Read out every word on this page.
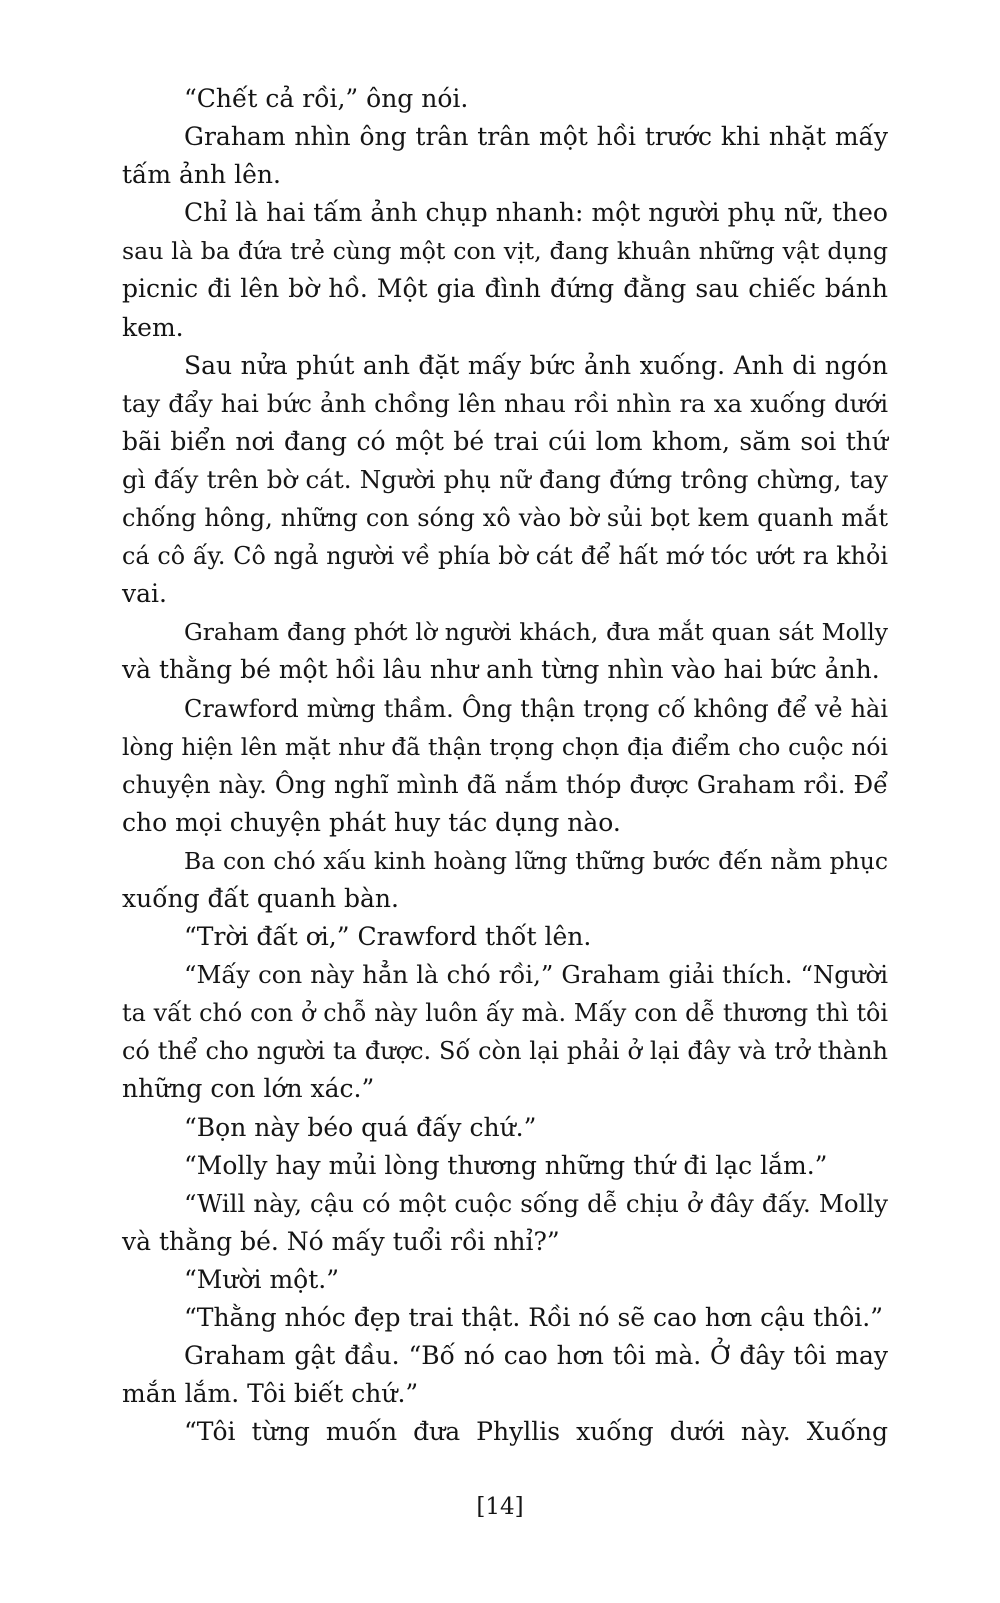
“Chết cả rồi,” ông nói.
Graham nhìn ông trân trân một hồi trước khi nhặt mấy
tấm ảnh lên.
Chỉ là hai tấm ảnh chụp nhanh: một người phụ nữ, theo
sau là ba đứa trẻ cùng một con vịt, đang khuân những vật dụng
picnic đi lên bờ hồ. Một gia đình đứng đằng sau chiếc bánh
kem.
Sau nửa phút anh đặt mấy bức ảnh xuống. Anh di ngón
tay đẩy hai bức ảnh chồng lên nhau rồi nhìn ra xa xuống dưới
bãi biển nơi đang có một bé trai cúi lom khom, săm soi thứ
gì đấy trên bờ cát. Người phụ nữ đang đứng trông chừng, tay
chống hông, những con sóng xô vào bờ sủi bọt kem quanh mắt
cá cô ấy. Cô ngả người về phía bờ cát để hất mớ tóc ướt ra khỏi
vai.
Graham đang phớt lờ người khách, đưa mắt quan sát Molly
và thằng bé một hồi lâu như anh từng nhìn vào hai bức ảnh.
Crawford mừng thầm. Ông thận trọng cố không để vẻ hài
lòng hiện lên mặt như đã thận trọng chọn địa điểm cho cuộc nói
chuyện này. Ông nghĩ mình đã nắm thóp được Graham rồi. Để
cho mọi chuyện phát huy tác dụng nào.
Ba con chó xấu kinh hoàng lững thững bước đến nằm phục
xuống đất quanh bàn.
“Trời đất ơi,” Crawford thốt lên.
“Mấy con này hẳn là chó rồi,” Graham giải thích. “Người
ta vất chó con ở chỗ này luôn ấy mà. Mấy con dễ thương thì tôi
có thể cho người ta được. Số còn lại phải ở lại đây và trở thành
những con lớn xác.”
“Bọn này béo quá đấy chứ.”
“Molly hay mủi lòng thương những thứ đi lạc lắm.”
“Will này, cậu có một cuộc sống dễ chịu ở đây đấy. Molly
và thằng bé. Nó mấy tuổi rồi nhỉ?”
“Mười một.”
“Thằng nhóc đẹp trai thật. Rồi nó sẽ cao hơn cậu thôi.”
Graham gật đầu. “Bố nó cao hơn tôi mà. Ở đây tôi may
mắn lắm. Tôi biết chứ.”
“Tôi từng muốn đưa Phyllis xuống dưới này. Xuống
[14]
